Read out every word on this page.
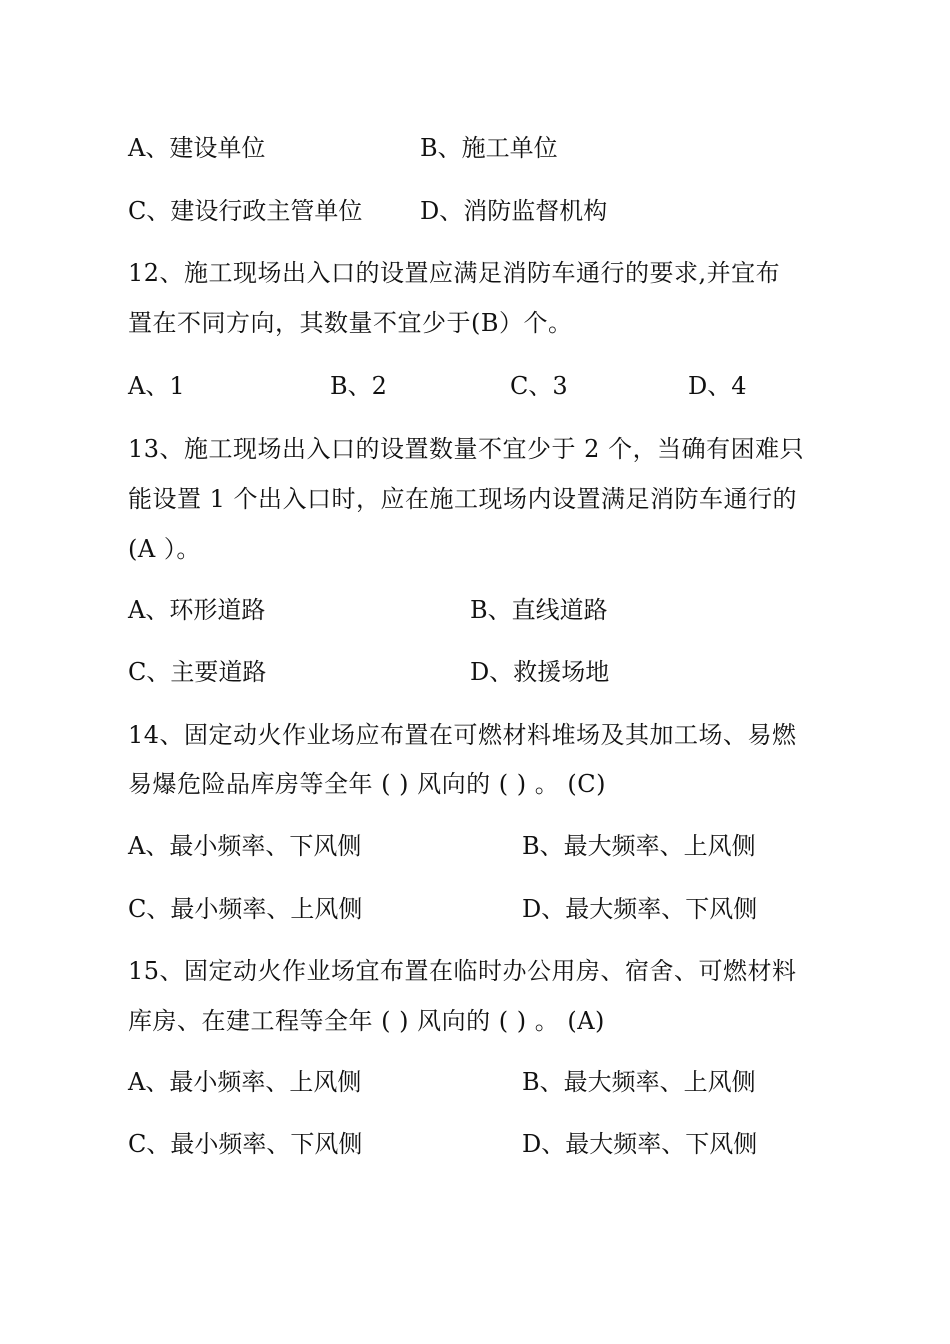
A、建设单位	B、施工单位
C、建设行政主管单位 D、消防监督机构
12、施工现场出入口的设置应满足消防车通行的要求,并宜布
置在不同方向，其数量不宜少于(B）个。
A、1	B、2	C、3	D、4
13、施工现场出入口的设置数量不宜少于 2 个，当确有困难只
能设置 1 个出入口时，应在施工现场内设置满足消防车通行的
(A ）。
A、环形道路	B、直线道路
C、主要道路	D、救援场地
14、固定动火作业场应布置在可燃材料堆场及其加工场、易燃
易爆危险品库房等全年 ( ) 风向的 ( ) 。 (C)
A、最小频率、下风侧	B、最大频率、上风侧
C、最小频率、上风侧	D、最大频率、下风侧
15、固定动火作业场宜布置在临时办公用房、宿舍、可燃材料
库房、在建工程等全年 ( ) 风向的 ( ) 。 (A)
A、最小频率、上风侧	B、最大频率、上风侧
C、最小频率、下风侧	D、最大频率、下风侧
